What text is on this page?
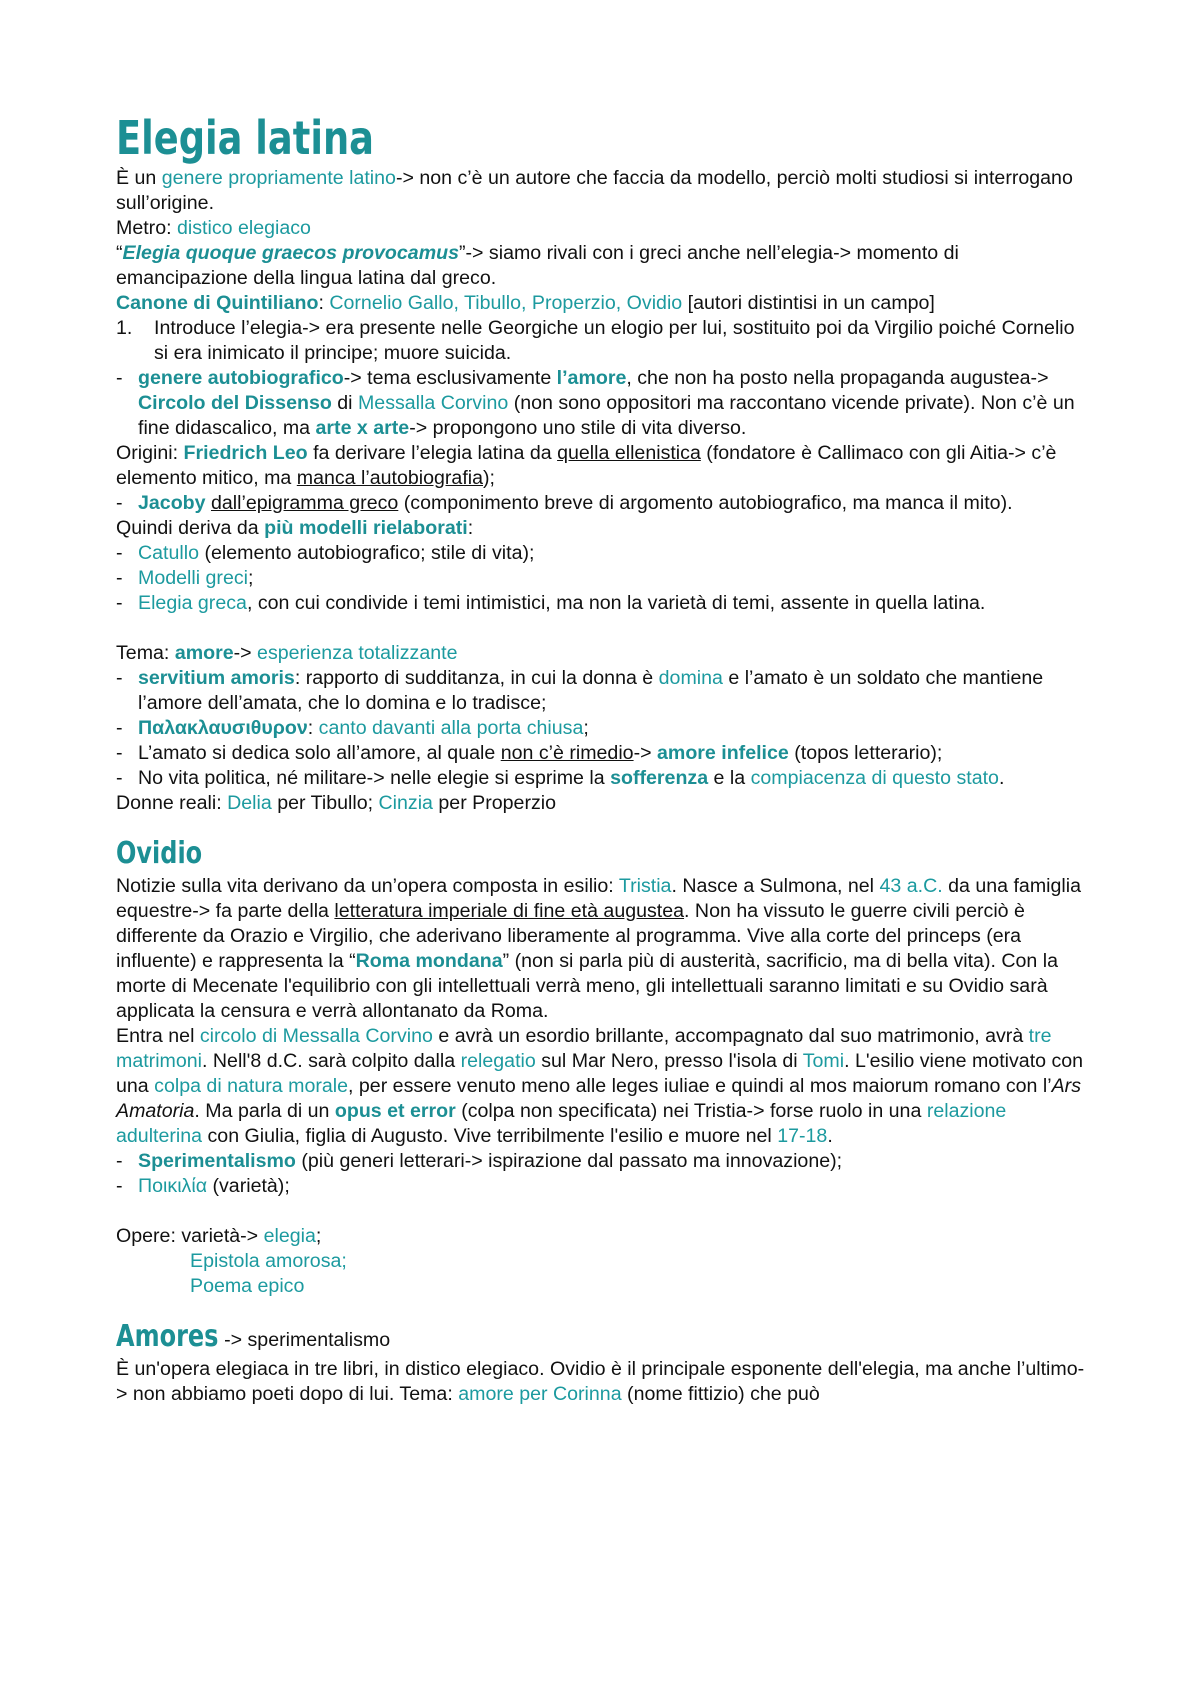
Elegia latina

È un genere propriamente latino-> non c’è un autore che faccia da modello, perciò molti studiosi si interrogano sull’origine.

Metro: distico elegiaco

“Elegia quoque graecos provocamus”-> siamo rivali con i greci anche nell’elegia-> momento di emancipazione della lingua latina dal greco.

Canone di Quintiliano: Cornelio Gallo, Tibullo, Properzio, Ovidio [autori distintisi in un campo]

1. Introduce l’elegia-> era presente nelle Georgiche un elogio per lui, sostituito poi da Virgilio poiché Cornelio si era inimicato il principe; muore suicida.

- genere autobiografico-> tema esclusivamente l’amore, che non ha posto nella propaganda augustea-> Circolo del Dissenso di Messalla Corvino (non sono oppositori ma raccontano vicende private). Non c’è un fine didascalico, ma arte x arte-> propongono uno stile di vita diverso.

Origini: Friedrich Leo fa derivare l’elegia latina da quella ellenistica (fondatore è Callimaco con gli Aitia-> c’è elemento mitico, ma manca l’autobiografia);

- Jacoby dall’epigramma greco (componimento breve di argomento autobiografico, ma manca il mito).

Quindi deriva da più modelli rielaborati:

- Catullo (elemento autobiografico; stile di vita);

- Modelli greci;

- Elegia greca, con cui condivide i temi intimistici, ma non la varietà di temi, assente in quella latina.

Tema: amore-> esperienza totalizzante

- servitium amoris: rapporto di sudditanza, in cui la donna è domina e l’amato è un soldato che mantiene l’amore dell’amata, che lo domina e lo tradisce;

- Παλακλαυσιθυρον: canto davanti alla porta chiusa;

- L’amato si dedica solo all’amore, al quale non c’è rimedio-> amore infelice (topos letterario);

- No vita politica, né militare-> nelle elegie si esprime la sofferenza e la compiacenza di questo stato.

Donne reali: Delia per Tibullo; Cinzia per Properzio

Ovidio

Notizie sulla vita derivano da un’opera composta in esilio: Tristia. Nasce a Sulmona, nel 43 a.C. da una famiglia equestre-> fa parte della letteratura imperiale di fine età augustea. Non ha vissuto le guerre civili perciò è differente da Orazio e Virgilio, che aderivano liberamente al programma. Vive alla corte del princeps (era influente) e rappresenta la “Roma mondana” (non si parla più di austerità, sacrificio, ma di bella vita). Con la morte di Mecenate l'equilibrio con gli intellettuali verrà meno, gli intellettuali saranno limitati e su Ovidio sarà applicata la censura e verrà allontanato da Roma.

Entra nel circolo di Messalla Corvino e avrà un esordio brillante, accompagnato dal suo matrimonio, avrà tre matrimoni. Nell'8 d.C. sarà colpito dalla relegatio sul Mar Nero, presso l'isola di Tomi. L'esilio viene motivato con una colpa di natura morale, per essere venuto meno alle leges iuliae e quindi al mos maiorum romano con l’Ars Amatoria. Ma parla di un opus et error (colpa non specificata) nei Tristia-> forse ruolo in una relazione adulterina con Giulia, figlia di Augusto. Vive terribilmente l'esilio e muore nel 17-18.

- Sperimentalismo (più generi letterari-> ispirazione dal passato ma innovazione);

- Ποικιλία (varietà);

Opere: varietà-> elegia;

Epistola amorosa;

Poema epico

Amores -> sperimentalismo

È un'opera elegiaca in tre libri, in distico elegiaco. Ovidio è il principale esponente dell'elegia, ma anche l’ultimo-> non abbiamo poeti dopo di lui. Tema: amore per Corinna (nome fittizio) che può
